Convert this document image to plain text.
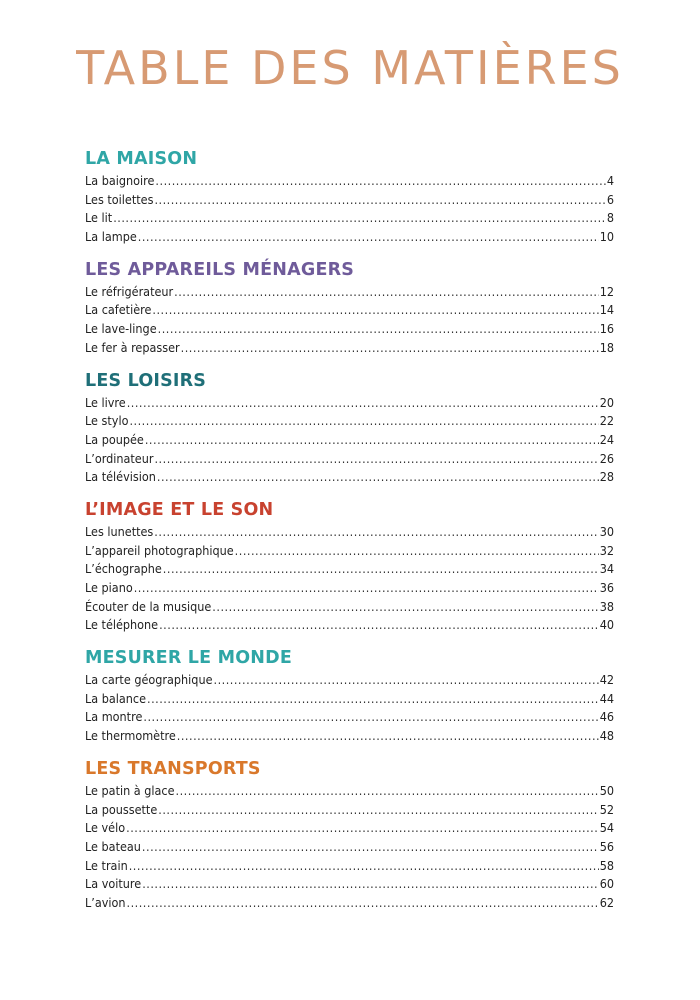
TABLE DES MATIÈRES
LA MAISON
La baignoire .....	4
Les toilettes .....	6
Le lit .....	8
La lampe .....	10
LES APPAREILS MÉNAGERS
Le réfrigérateur .....	12
La cafetière .....	14
Le lave-linge .....	16
Le fer à repasser .....	18
LES LOISIRS
Le livre .....	20
Le stylo .....	22
La poupée .....	24
L’ordinateur .....	26
La télévision .....	28
L’IMAGE ET LE SON
Les lunettes .....	30
L’appareil photographique .....	32
L’échographe .....	34
Le piano .....	36
Écouter de la musique .....	38
Le téléphone .....	40
MESURER LE MONDE
La carte géographique .....	42
La balance .....	44
La montre .....	46
Le thermomètre .....	48
LES TRANSPORTS
Le patin à glace .....	50
La poussette .....	52
Le vélo .....	54
Le bateau .....	56
Le train .....	58
La voiture .....	60
L’avion .....	62
